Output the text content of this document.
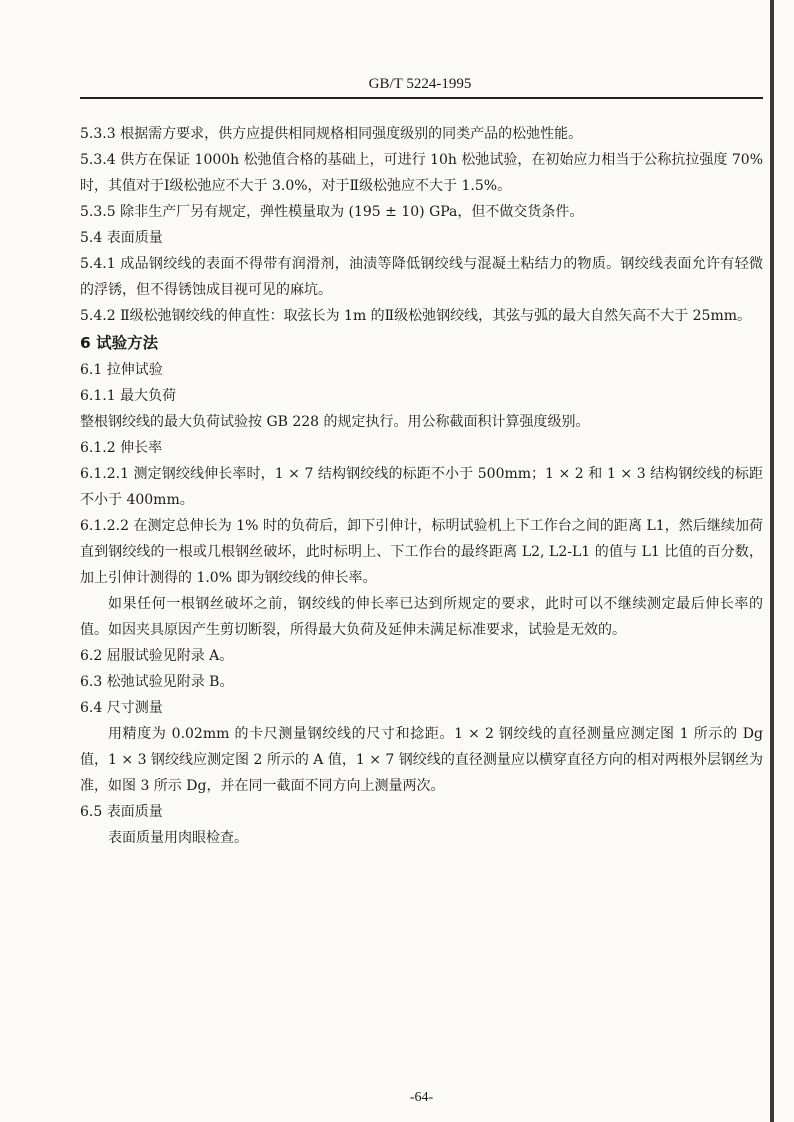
GB/T 5224-1995

5.3.3 根据需方要求，供方应提供相同规格相同强度级别的同类产品的松弛性能。

5.3.4 供方在保证 1000h 松弛值合格的基础上，可进行 10h 松弛试验，在初始应力相当于公称抗拉强度 70% 时，其值对于Ⅰ级松弛应不大于 3.0%，对于Ⅱ级松弛应不大于 1.5%。

5.3.5 除非生产厂另有规定，弹性模量取为 (195 ± 10) GPa，但不做交货条件。

5.4 表面质量

5.4.1 成品钢绞线的表面不得带有润滑剂，油渍等降低钢绞线与混凝土粘结力的物质。钢绞线表面允许有轻微的浮锈，但不得锈蚀成目视可见的麻坑。

5.4.2 Ⅱ级松弛钢绞线的伸直性：取弦长为 1m 的Ⅱ级松弛钢绞线，其弦与弧的最大自然矢高不大于 25mm。

6 试验方法

6.1 拉伸试验

6.1.1 最大负荷

整根钢绞线的最大负荷试验按 GB 228 的规定执行。用公称截面积计算强度级别。

6.1.2 伸长率

6.1.2.1 测定钢绞线伸长率时，1 × 7 结构钢绞线的标距不小于 500mm；1 × 2 和 1 × 3 结构钢绞线的标距不小于 400mm。

6.1.2.2 在测定总伸长为 1% 时的负荷后，卸下引伸计，标明试验机上下工作台之间的距离 L1，然后继续加荷直到钢绞线的一根或几根钢丝破坏，此时标明上、下工作台的最终距离 L2, L2-L1 的值与 L1 比值的百分数，加上引伸计测得的 1.0% 即为钢绞线的伸长率。

如果任何一根钢丝破坏之前，钢绞线的伸长率已达到所规定的要求，此时可以不继续测定最后伸长率的值。如因夹具原因产生剪切断裂，所得最大负荷及延伸未满足标准要求，试验是无效的。

6.2 屈服试验见附录 A。

6.3 松弛试验见附录 B。

6.4 尺寸测量

用精度为 0.02mm 的卡尺测量钢绞线的尺寸和捻距。1 × 2 钢绞线的直径测量应测定图 1 所示的 Dg 值，1 × 3 钢绞线应测定图 2 所示的 A 值，1 × 7 钢绞线的直径测量应以横穿直径方向的相对两根外层钢丝为准，如图 3 所示 Dg，并在同一截面不同方向上测量两次。

6.5 表面质量

表面质量用肉眼检查。

-64-
